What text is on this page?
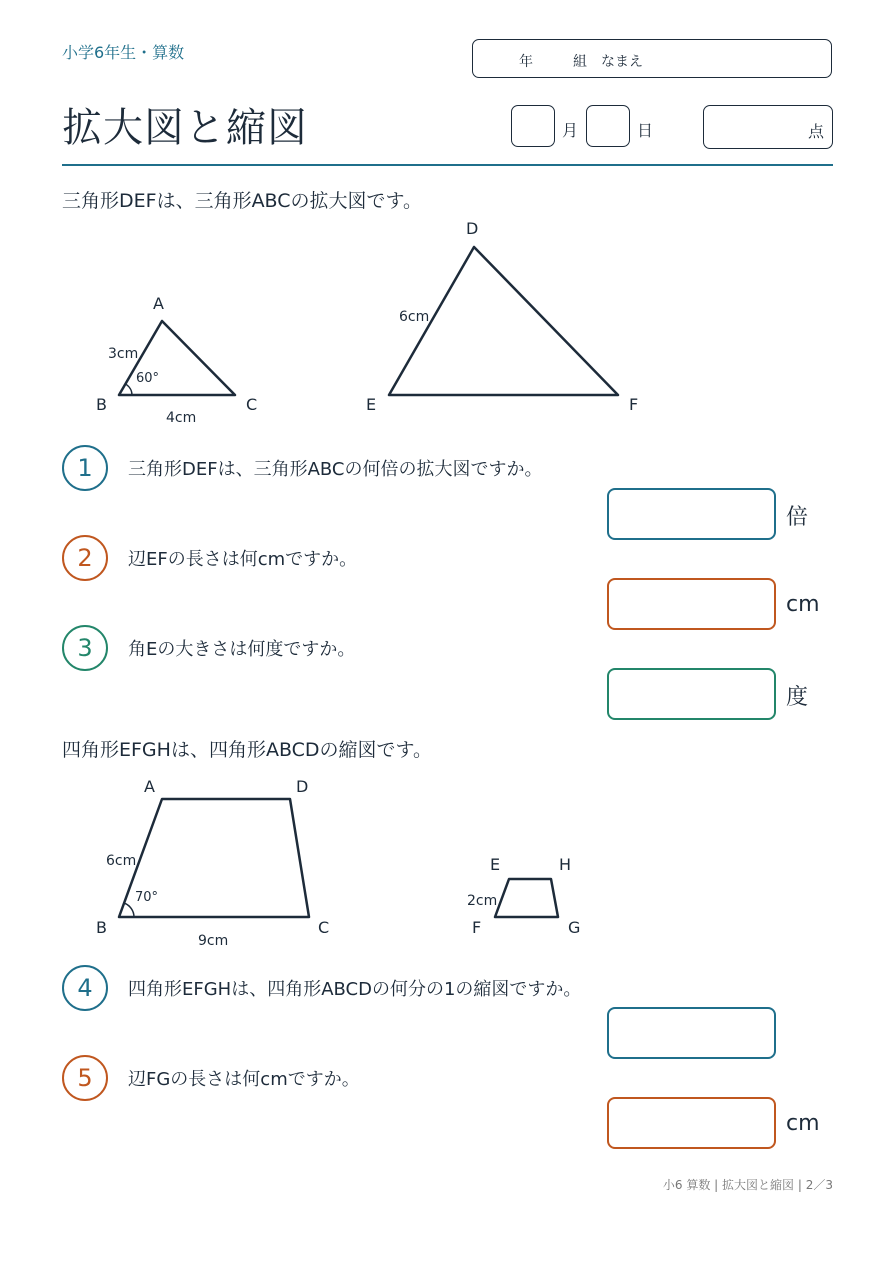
小学6年生・算数	年	組 なまえ
拡大図と縮図	月	日	点
三角形DEFは、三角形ABCの拡大図です。
A
B	C
3cm
4cm
60°
D
E	F
6cm
A	D
B	C
6cm
9cm
70°
E	H
F	G
2cm
1	三角形DEFは、三角形ABCの何倍の拡大図ですか。
倍
2	辺EFの長さは何cmですか。
cm
3	角Eの大きさは何度ですか。
度
四角形EFGHは、四角形ABCDの縮図です。
4	四角形EFGHは、四角形ABCDの何分の1の縮図ですか。
5	辺FGの長さは何cmですか。
cm
小6 算数 | 拡大図と縮図 | 2／3
